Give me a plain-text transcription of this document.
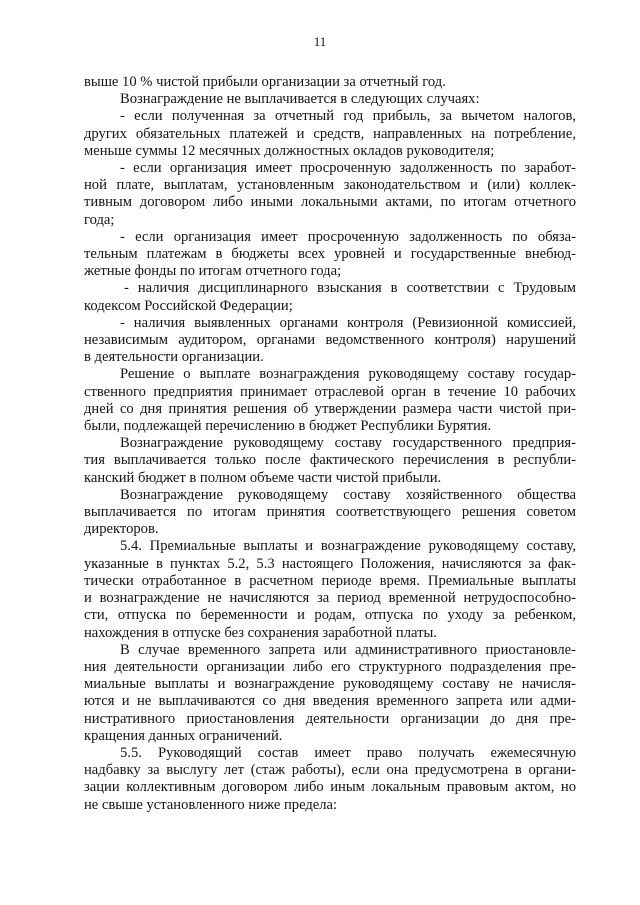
11

выше 10 % чистой прибыли организации за отчетный год.

Вознаграждение не выплачивается в следующих случаях:

- если полученная за отчетный год прибыль, за вычетом налогов,
других обязательных платежей и средств, направленных на потребление,
меньше суммы 12 месячных должностных окладов руководителя;

- если организация имеет просроченную задолженность по заработ-
ной плате, выплатам, установленным законодательством и (или) коллек-
тивным договором либо иными локальными актами, по итогам отчетного
года;

- если организация имеет просроченную задолженность по обяза-
тельным платежам в бюджеты всех уровней и государственные внебюд-
жетные фонды по итогам отчетного года;

- наличия дисциплинарного взыскания в соответствии с Трудовым
кодексом Российской Федерации;

- наличия выявленных органами контроля (Ревизионной комиссией,
независимым аудитором, органами ведомственного контроля) нарушений
в деятельности организации.

Решение о выплате вознаграждения руководящему составу государ-
ственного предприятия принимает отраслевой орган в течение 10 рабочих
дней со дня принятия решения об утверждении размера части чистой при-
были, подлежащей перечислению в бюджет Республики Бурятия.

Вознаграждение руководящему составу государственного предприя-
тия выплачивается только после фактического перечисления в республи-
канский бюджет в полном объеме части чистой прибыли.

Вознаграждение руководящему составу хозяйственного общества
выплачивается по итогам принятия соответствующего решения советом
директоров.

5.4. Премиальные выплаты и вознаграждение руководящему составу,
указанные в пунктах 5.2, 5.3 настоящего Положения, начисляются за фак-
тически отработанное в расчетном периоде время. Премиальные выплаты
и вознаграждение не начисляются за период временной нетрудоспособно-
сти, отпуска по беременности и родам, отпуска по уходу за ребенком,
нахождения в отпуске без сохранения заработной платы.

В случае временного запрета или административного приостановле-
ния деятельности организации либо его структурного подразделения пре-
миальные выплаты и вознаграждение руководящему составу не начисля-
ются и не выплачиваются со дня введения временного запрета или адми-
нистративного приостановления деятельности организации до дня пре-
кращения данных ограничений.

5.5. Руководящий состав имеет право получать ежемесячную
надбавку за выслугу лет (стаж работы), если она предусмотрена в органи-
зации коллективным договором либо иным локальным правовым актом, но
не свыше установленного ниже предела:
